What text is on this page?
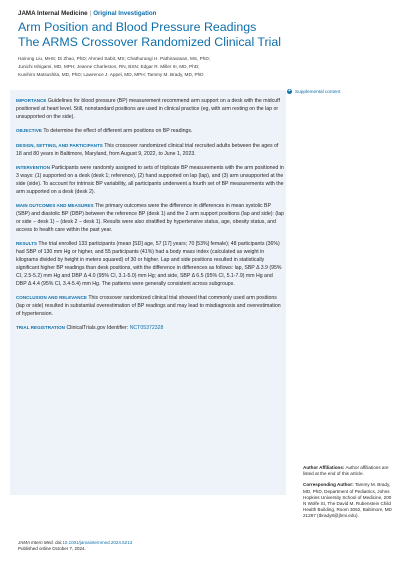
JAMA Internal Medicine | Original Investigation
Arm Position and Blood Pressure Readings
The ARMS Crossover Randomized Clinical Trial
Hairong Liu, MHS; Di Zhao, PhD; Ahmed Sabit, MS; Chathurangi H. Pathiravasan, MS, PhD;
Junichi Ishigami, MD, MPH; Jeanne Charleston, RN, BSN; Edgar R. Miller III, MD, PhD;
Kunihiro Matsushita, MD, PhD; Lawrence J. Appel, MD, MPH; Tammy M. Brady, MD, PhD
+ Supplemental content

IMPORTANCE Guidelines for blood pressure (BP) measurement recommend arm support on a desk with the midcuff positioned at heart level. Still, nonstandard positions are used in clinical practice (eg, with arm resting on the lap or unsupported on the side).

OBJECTIVE To determine the effect of different arm positions on BP readings.

DESIGN, SETTING, AND PARTICIPANTS This crossover randomized clinical trial recruited adults between the ages of 18 and 80 years in Baltimore, Maryland, from August 9, 2022, to June 1, 2023.

INTERVENTION Participants were randomly assigned to sets of triplicate BP measurements with the arm positioned in 3 ways: (1) supported on a desk (desk 1; reference), (2) hand supported on lap (lap), and (3) arm unsupported at the side (side). To account for intrinsic BP variability, all participants underwent a fourth set of BP measurements with the arm supported on a desk (desk 2).

MAIN OUTCOMES AND MEASURES The primary outcomes were the difference in differences in mean systolic BP (SBP) and diastolic BP (DBP) between the reference BP (desk 1) and the 2 arm support positions (lap and side): (lap or side − desk 1) − (desk 2 − desk 1). Results were also stratified by hypertensive status, age, obesity status, and access to health care within the past year.

RESULTS The trial enrolled 133 participants (mean [SD] age, 57 [17] years; 70 [53%] female); 48 participants (36%) had SBP of 130 mm Hg or higher, and 55 participants (41%) had a body mass index (calculated as weight in kilograms divided by height in meters squared) of 30 or higher. Lap and side positions resulted in statistically significant higher BP readings than desk positions, with the difference in differences as follows: lap, SBP Δ 3.9 (95% CI, 2.5-5.2) mm Hg and DBP Δ 4.0 (95% CI, 3.1-5.0) mm Hg; and side, SBP Δ 6.5 (95% CI, 5.1-7.9) mm Hg and DBP Δ 4.4 (95% CI, 3.4-5.4) mm Hg. The patterns were generally consistent across subgroups.

CONCLUSION AND RELEVANCE This crossover randomized clinical trial showed that commonly used arm positions (lap or side) resulted in substantial overestimation of BP readings and may lead to misdiagnosis and overestimation of hypertension.

TRIAL REGISTRATION ClinicalTrials.gov Identifier: NCT05372328

Author Affiliations: Author affiliations are listed at the end of this article.

Corresponding Author: Tammy M. Brady, MD, PhD, Department of Pediatrics, Johns Hopkins University School of Medicine, 200 N Wolfe St, The David M. Rubenstein Child Health Building, Room 3062, Baltimore, MD 21287 (tbrady8@jhmi.edu).

JAMA Intern Med. doi:10.1001/jamainternmed.2024.5213
Published online October 7, 2024.
